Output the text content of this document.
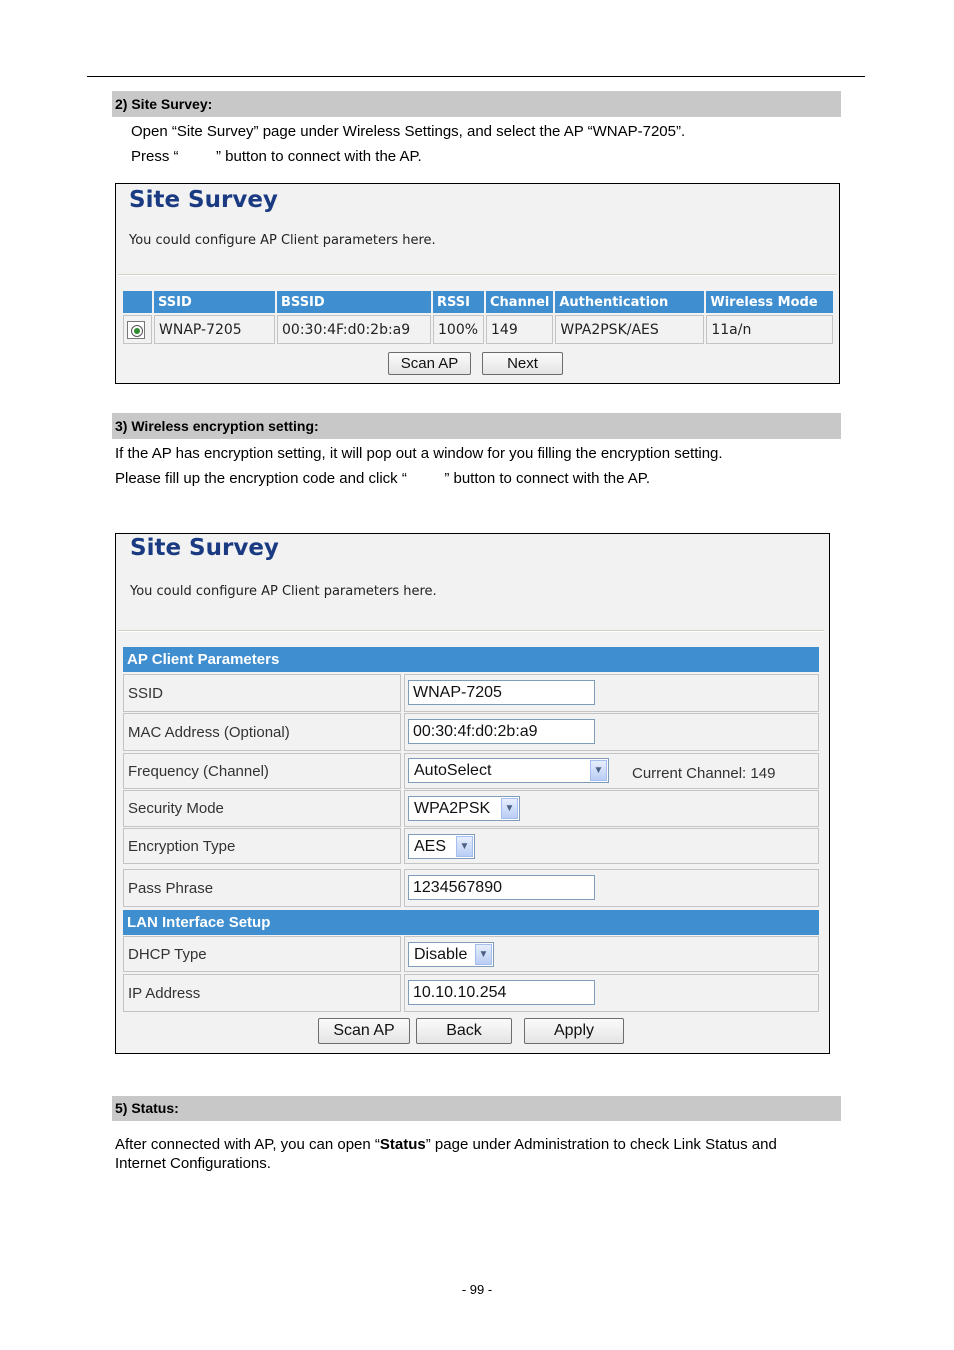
2) Site Survey:
Open “Site Survey” page under Wireless Settings, and select the AP “WNAP-7205”.
Press “         ” button to connect with the AP.
Site Survey
You could configure AP Client parameters here.
	SSID	BSSID	RSSI	Channel	Authentication	Wireless Mode
	WNAP-7205	00:30:4F:d0:2b:a9	100%	149	WPA2PSK/AES	11a/n
Scan AP	Next
3) Wireless encryption setting:
If the AP has encryption setting, it will pop out a window for you filling the encryption setting.
Please fill up the encryption code and click “         ” button to connect with the AP.
Site Survey
You could configure AP Client parameters here.
AP Client Parameters
SSID	WNAP-7205
MAC Address (Optional)	00:30:4f:d0:2b:a9
Frequency (Channel)	AutoSelect	▼ Current Channel: 149
Security Mode	WPA2PSK	▼
Encryption Type	AES	▼
Pass Phrase	1234567890
LAN Interface Setup
DHCP Type	Disable	▼
IP Address	10.10.10.254
Scan AP	Back	Apply
5) Status:
After connected with AP, you can open “Status” page under Administration to check Link Status and
Internet Configurations.
- 99 -
